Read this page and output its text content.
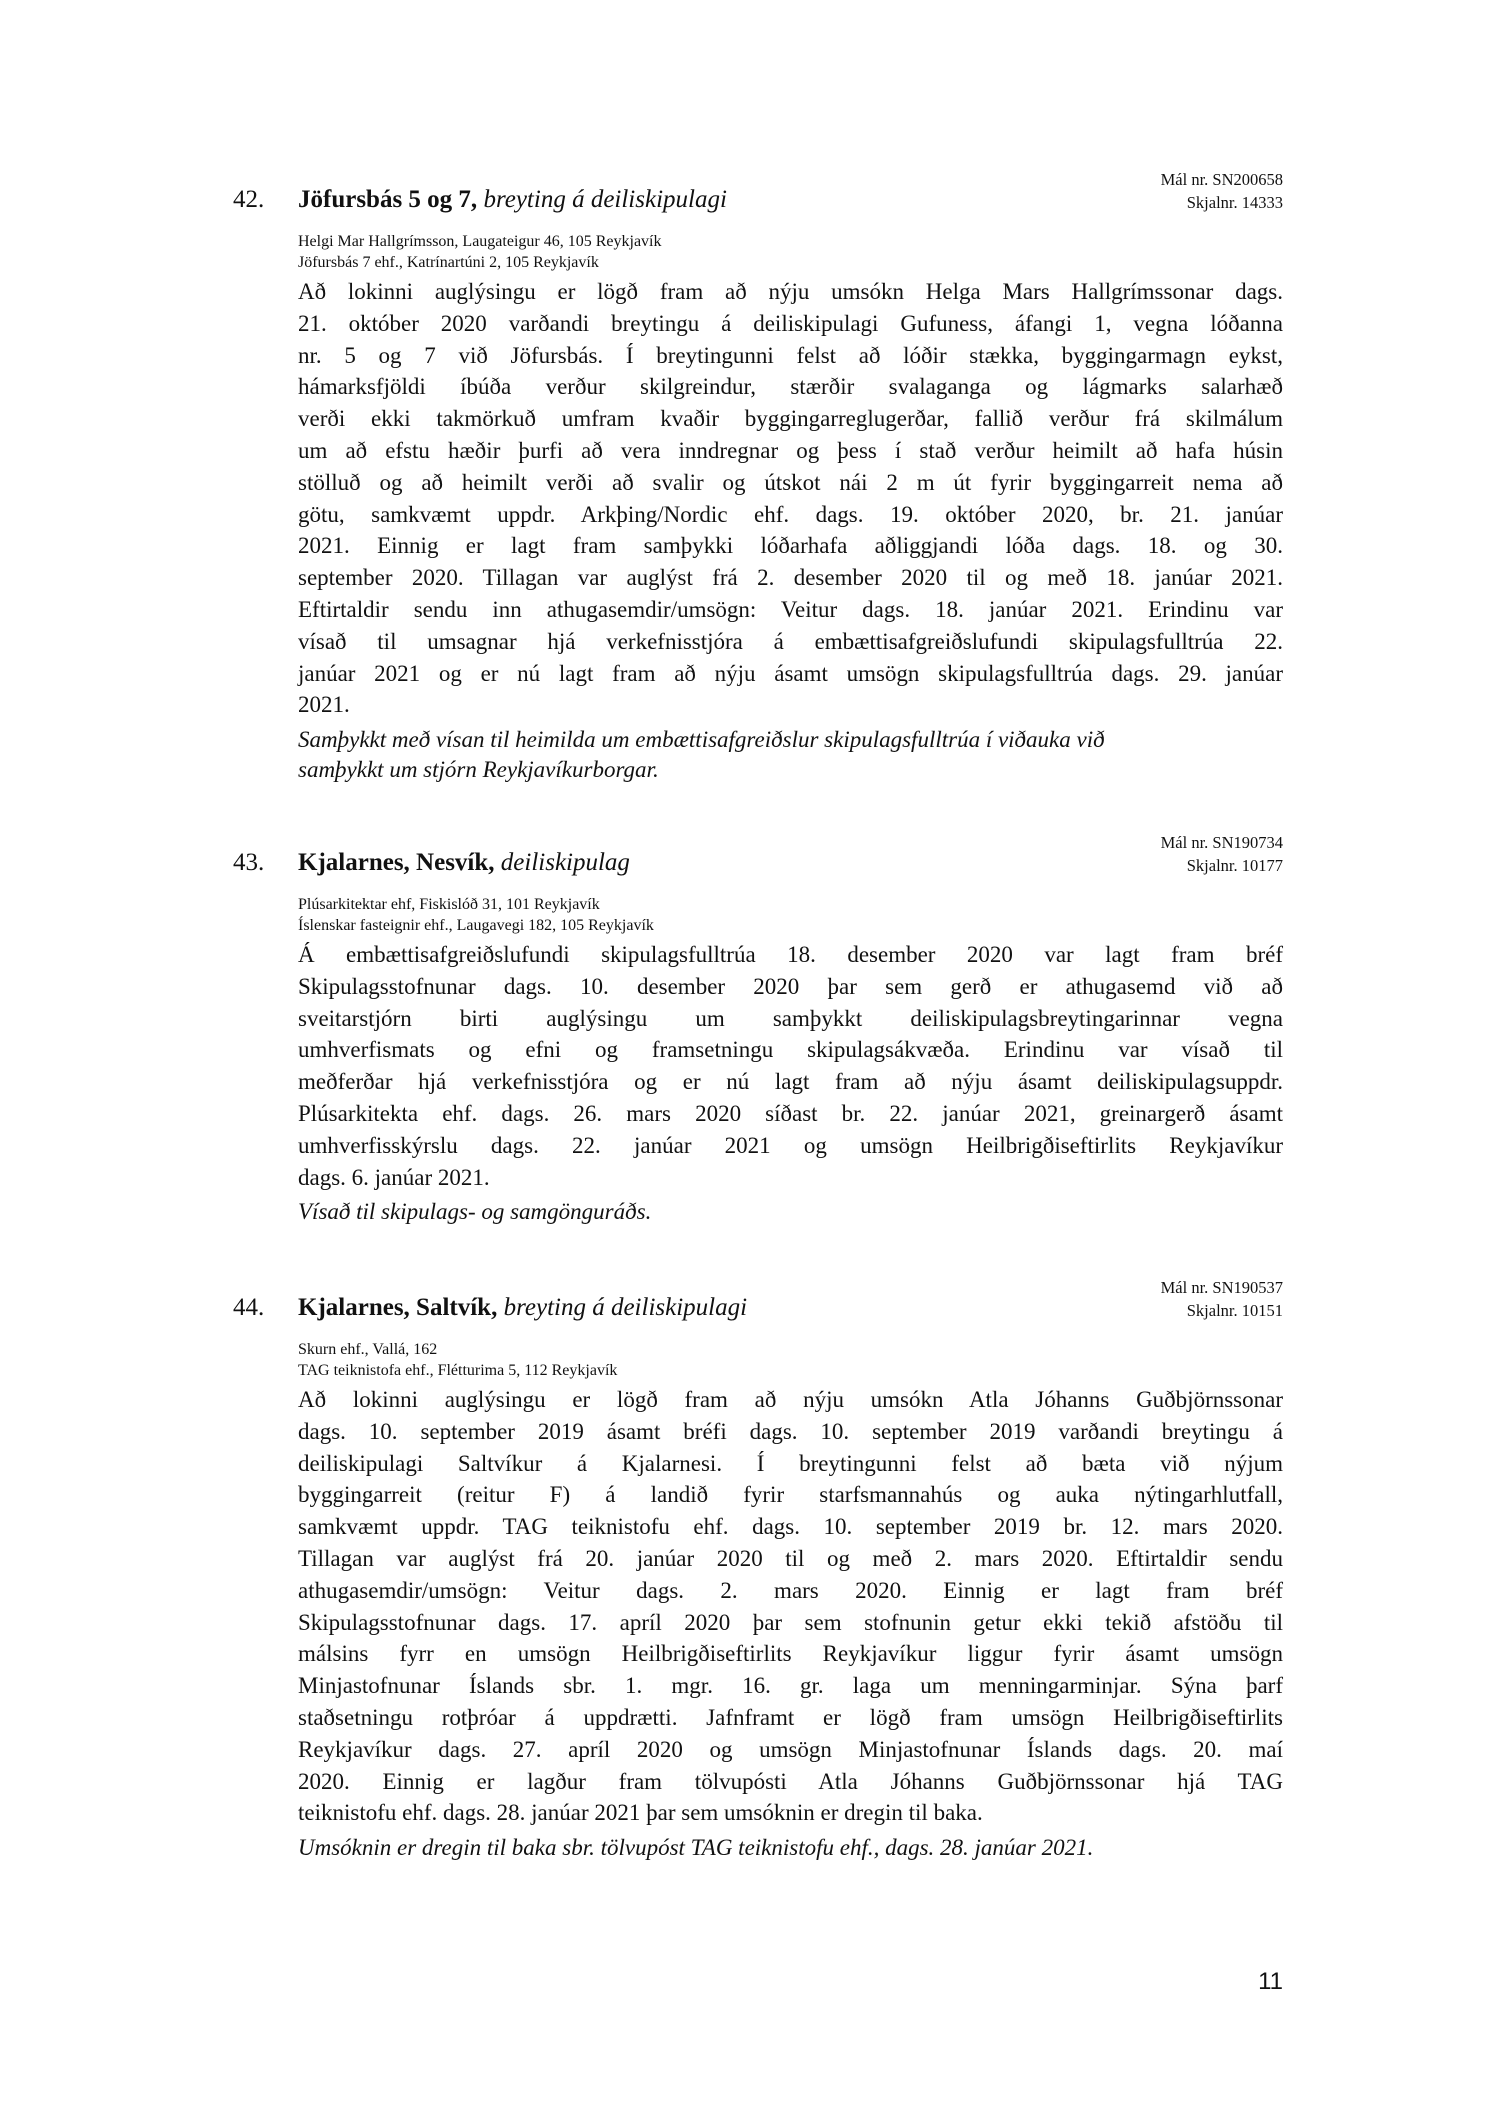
42. Jöfursbás 5 og 7, breyting á deiliskipulagi
Mál nr. SN200658
Skjalnr. 14333
Helgi Mar Hallgrímsson, Laugateigur 46, 105 Reykjavík
Jöfursbás 7 ehf., Katrínartúni 2, 105 Reykjavík
Að lokinni auglýsingu er lögð fram að nýju umsókn Helga Mars Hallgrímssonar dags.
21. október 2020 varðandi breytingu á deiliskipulagi Gufuness, áfangi 1, vegna lóðanna
nr. 5 og 7 við Jöfursbás. Í breytingunni felst að lóðir stækka, byggingarmagn eykst,
hámarksfjöldi íbúða verður skilgreindur, stærðir svalaganga og lágmarks salarhæð
verði ekki takmörkuð umfram kvaðir byggingarreglugerðar, fallið verður frá skilmálum
um að efstu hæðir þurfi að vera inndregnar og þess í stað verður heimilt að hafa húsin
stölluð og að heimilt verði að svalir og útskot nái 2 m út fyrir byggingarreit nema að
götu, samkvæmt uppdr. Arkþing/Nordic ehf. dags. 19. október 2020, br. 21. janúar
2021. Einnig er lagt fram samþykki lóðarhafa aðliggjandi lóða dags. 18. og 30.
september 2020. Tillagan var auglýst frá 2. desember 2020 til og með 18. janúar 2021.
Eftirtaldir sendu inn athugasemdir/umsögn: Veitur dags. 18. janúar 2021. Erindinu var
vísað til umsagnar hjá verkefnisstjóra á embættisafgreiðslufundi skipulagsfulltrúa 22.
janúar 2021 og er nú lagt fram að nýju ásamt umsögn skipulagsfulltrúa dags. 29. janúar
2021.
Samþykkt með vísan til heimilda um embættisafgreiðslur skipulagsfulltrúa í viðauka við
samþykkt um stjórn Reykjavíkurborgar.
43. Kjalarnes, Nesvík, deiliskipulag
Mál nr. SN190734
Skjalnr. 10177
Plúsarkitektar ehf, Fiskislóð 31, 101 Reykjavík
Íslenskar fasteignir ehf., Laugavegi 182, 105 Reykjavík
Á embættisafgreiðslufundi skipulagsfulltrúa 18. desember 2020 var lagt fram bréf
Skipulagsstofnunar dags. 10. desember 2020 þar sem gerð er athugasemd við að
sveitarstjórn birti auglýsingu um samþykkt deiliskipulagsbreytingarinnar vegna
umhverfismats og efni og framsetningu skipulagsákvæða. Erindinu var vísað til
meðferðar hjá verkefnisstjóra og er nú lagt fram að nýju ásamt deiliskipulagsuppdr.
Plúsarkitekta ehf. dags. 26. mars 2020 síðast br. 22. janúar 2021, greinargerð ásamt
umhverfisskýrslu dags. 22. janúar 2021 og umsögn Heilbrigðiseftirlits Reykjavíkur
dags. 6. janúar 2021.
Vísað til skipulags- og samgönguráðs.
44. Kjalarnes, Saltvík, breyting á deiliskipulagi
Mál nr. SN190537
Skjalnr. 10151
Skurn ehf., Vallá, 162
TAG teiknistofa ehf., Flétturima 5, 112 Reykjavík
Að lokinni auglýsingu er lögð fram að nýju umsókn Atla Jóhanns Guðbjörnssonar
dags. 10. september 2019 ásamt bréfi dags. 10. september 2019 varðandi breytingu á
deiliskipulagi Saltvíkur á Kjalarnesi. Í breytingunni felst að bæta við nýjum
byggingarreit (reitur F) á landið fyrir starfsmannahús og auka nýtingarhlutfall,
samkvæmt uppdr. TAG teiknistofu ehf. dags. 10. september 2019 br. 12. mars 2020.
Tillagan var auglýst frá 20. janúar 2020 til og með 2. mars 2020. Eftirtaldir sendu
athugasemdir/umsögn: Veitur dags. 2. mars 2020. Einnig er lagt fram bréf
Skipulagsstofnunar dags. 17. apríl 2020 þar sem stofnunin getur ekki tekið afstöðu til
málsins fyrr en umsögn Heilbrigðiseftirlits Reykjavíkur liggur fyrir ásamt umsögn
Minjastofnunar Íslands sbr. 1. mgr. 16. gr. laga um menningarminjar. Sýna þarf
staðsetningu rotþróar á uppdrætti. Jafnframt er lögð fram umsögn Heilbrigðiseftirlits
Reykjavíkur dags. 27. apríl 2020 og umsögn Minjastofnunar Íslands dags. 20. maí
2020. Einnig er lagður fram tölvupósti Atla Jóhanns Guðbjörnssonar hjá TAG
teiknistofu ehf. dags. 28. janúar 2021 þar sem umsóknin er dregin til baka.
Umsóknin er dregin til baka sbr. tölvupóst TAG teiknistofu ehf., dags. 28. janúar 2021.
11
